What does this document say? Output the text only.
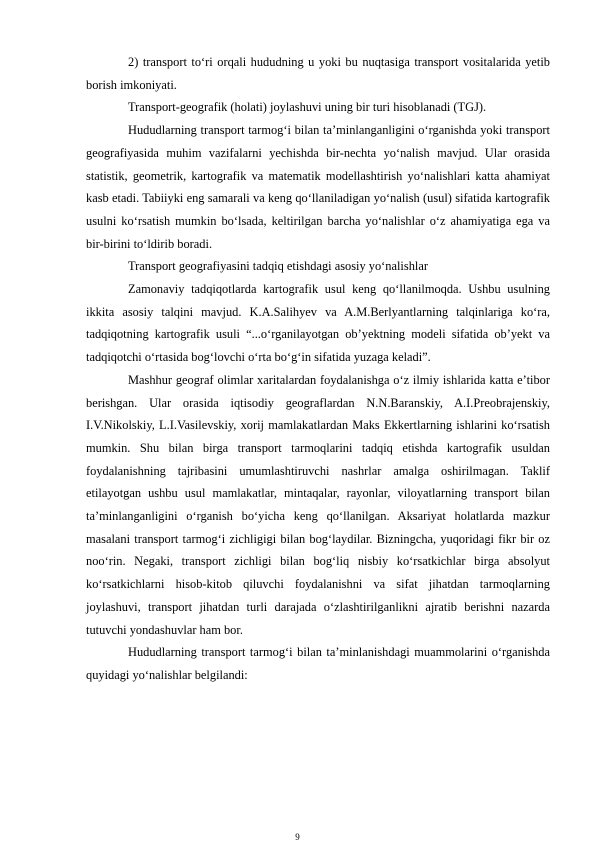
2) transport to‘ri orqali hududning u yoki bu nuqtasiga transport vositalarida yetib borish imkoniyati.

Transport-geografik (holati) joylashuvi uning bir turi hisoblanadi (TGJ).

Hududlarning transport tarmog‘i bilan ta’minlanganligini o‘rganishda yoki transport geografiyasida muhim vazifalarni yechishda bir-nechta yo‘nalish mavjud. Ular orasida statistik, geometrik, kartografik va matematik modellashtirish yo‘nalishlari katta ahamiyat kasb etadi. Tabiiyki eng samarali va keng qo‘llaniladigan yo‘nalish (usul) sifatida kartografik usulni ko‘rsatish mumkin bo‘lsada, keltirilgan barcha yo‘nalishlar o‘z ahamiyatiga ega va bir-birini to‘ldirib boradi.

Transport geografiyasini tadqiq etishdagi asosiy yo‘nalishlar

Zamonaviy tadqiqotlarda kartografik usul keng qo‘llanilmoqda. Ushbu usulning ikkita asosiy talqini mavjud. K.A.Salihyev va A.M.Berlyantlarning talqinlariga ko‘ra, tadqiqotning kartografik usuli “...o‘rganilayotgan ob’yektning modeli sifatida ob’yekt va tadqiqotchi o‘rtasida bog‘lovchi o‘rta bo‘g‘in sifatida yuzaga keladi”.

Mashhur geograf olimlar xaritalardan foydalanishga o‘z ilmiy ishlarida katta e’tibor berishgan. Ular orasida iqtisodiy geograflardan N.N.Baranskiy, A.I.Preobrajenskiy, I.V.Nikolskiy, L.I.Vasilevskiy, xorij mamlakatlardan Maks Ekkertlarning ishlarini ko‘rsatish mumkin. Shu bilan birga transport tarmoqlarini tadqiq etishda kartografik usuldan foydalanishning tajribasini umumlashtiruvchi nashrlar amalga oshirilmagan. Taklif etilayotgan ushbu usul mamlakatlar, mintaqalar, rayonlar, viloyatlarning transport bilan ta’minlanganligini o‘rganish bo‘yicha keng qo‘llanilgan. Aksariyat holatlarda mazkur masalani transport tarmog‘i zichligigi bilan bog‘laydilar. Bizningcha, yuqoridagi fikr bir oz noo‘rin. Negaki, transport zichligi bilan bog‘liq nisbiy ko‘rsatkichlar birga absolyut ko‘rsatkichlarni hisob-kitob qiluvchi foydalanishni va sifat jihatdan tarmoqlarning joylashuvi, transport jihatdan turli darajada o‘zlashtirilganlikni ajratib berishni nazarda tutuvchi yondashuvlar ham bor.

Hududlarning transport tarmog‘i bilan ta’minlanishdagi muammolarini o‘rganishda quyidagi yo‘nalishlar belgilandi:

9
